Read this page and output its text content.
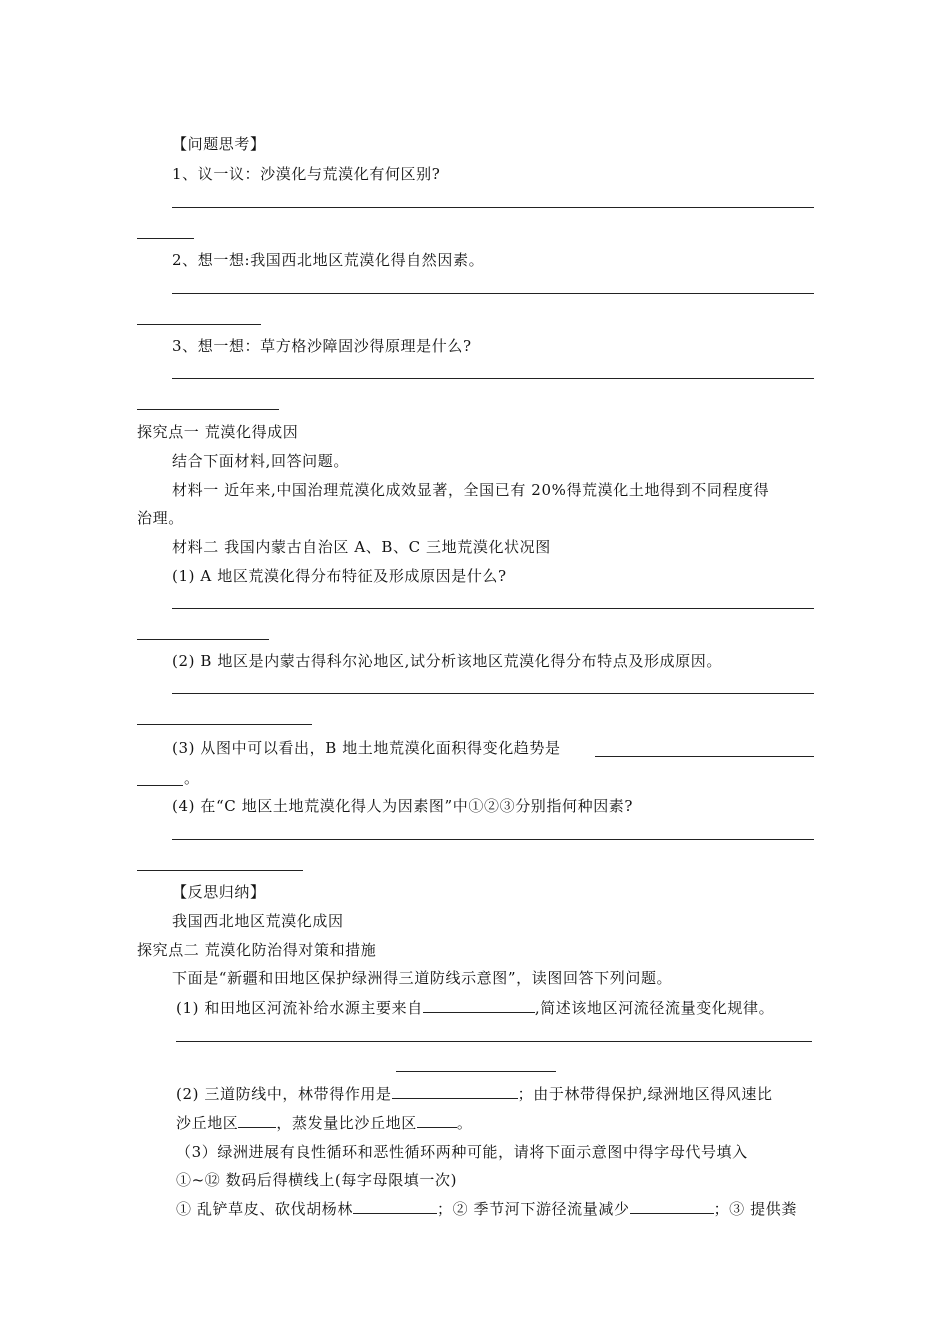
【问题思考】
1、议一议：沙漠化与荒漠化有何区别?
2、想一想:我国西北地区荒漠化得自然因素。
3、想一想：草方格沙障固沙得原理是什么?
探究点一 荒漠化得成因
结合下面材料,回答问题。
材料一 近年来,中国治理荒漠化成效显著，全国已有 20%得荒漠化土地得到不同程度得
治理。
材料二 我国内蒙古自治区 A、B、C 三地荒漠化状况图
(1) A 地区荒漠化得分布特征及形成原因是什么?
(2) B 地区是内蒙古得科尔沁地区,试分析该地区荒漠化得分布特点及形成原因。
(3) 从图中可以看出，B 地土地荒漠化面积得变化趋势是
。
(4) 在“C 地区土地荒漠化得人为因素图”中①②③分别指何种因素?
【反思归纳】
我国西北地区荒漠化成因
探究点二 荒漠化防治得对策和措施
下面是“新疆和田地区保护绿洲得三道防线示意图”，读图回答下列问题。
(1) 和田地区河流补给水源主要来自	,简述该地区河流径流量变化规律。
(2) 三道防线中，林带得作用是	；由于林带得保护,绿洲地区得风速比
沙丘地区	，蒸发量比沙丘地区	。
（3）绿洲进展有良性循环和恶性循环两种可能，请将下面示意图中得字母代号填入
①~⑫ 数码后得横线上(每字母限填一次)
① 乱铲草皮、砍伐胡杨林	；② 季节河下游径流量减少	；③ 提供粪
